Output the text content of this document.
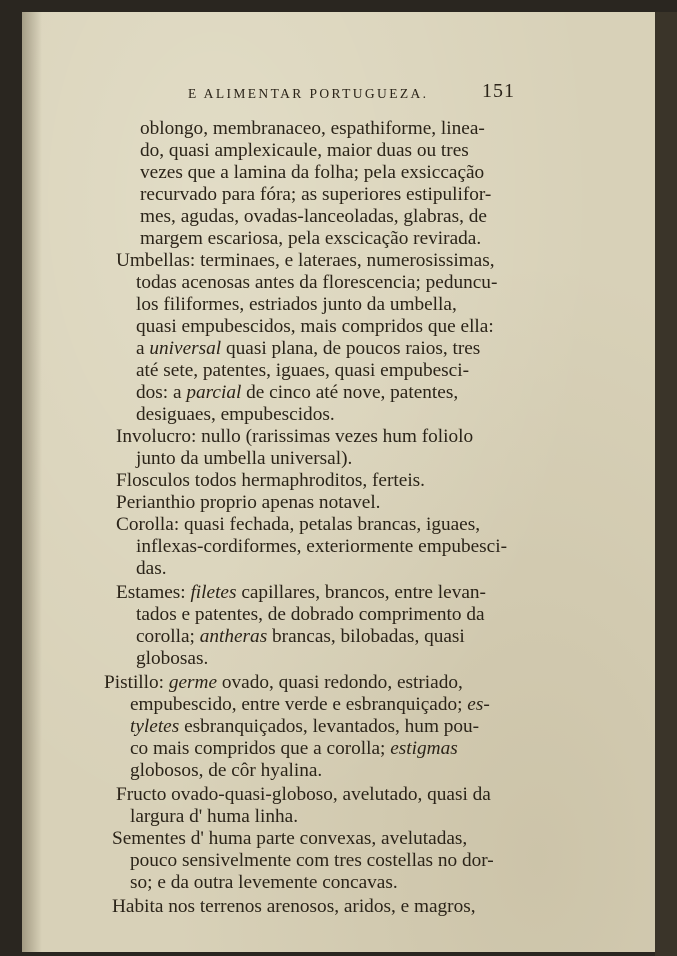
E ALIMENTAR PORTUGUEZA.	151
oblongo, membranaceo, espathiforme, linea-
do, quasi amplexicaule, maior duas ou tres
vezes que a lamina da folha; pela exsiccação
recurvado para fóra; as superiores estipulifor-
mes, agudas, ovadas-lanceoladas, glabras, de
margem escariosa, pela exscicação revirada.
Umbellas: terminaes, e lateraes, numerosissimas,
todas acenosas antes da florescencia; peduncu-
los filiformes, estriados junto da umbella,
quasi empubescidos, mais compridos que ella:
a universal quasi plana, de poucos raios, tres
até sete, patentes, iguaes, quasi empubesci-
dos: a parcial de cinco até nove, patentes,
desiguaes, empubescidos.
Involucro: nullo (rarissimas vezes hum foliolo
junto da umbella universal).
Flosculos todos hermaphroditos, ferteis.
Perianthio proprio apenas notavel.
Corolla: quasi fechada, petalas brancas, iguaes,
inflexas-cordiformes, exteriormente empubesci-
das.
Estames: filetes capillares, brancos, entre levan-
tados e patentes, de dobrado comprimento da
corolla; antheras brancas, bilobadas, quasi
globosas.
Pistillo: germe ovado, quasi redondo, estriado,
empubescido, entre verde e esbranquiçado; es-
tyletes esbranquiçados, levantados, hum pou-
co mais compridos que a corolla; estigmas
globosos, de côr hyalina.
Fructo ovado-quasi-globoso, avelutado, quasi da
largura d' huma linha.
Sementes d' huma parte convexas, avelutadas,
pouco sensivelmente com tres costellas no dor-
so; e da outra levemente concavas.
Habita nos terrenos arenosos, aridos, e magros,
